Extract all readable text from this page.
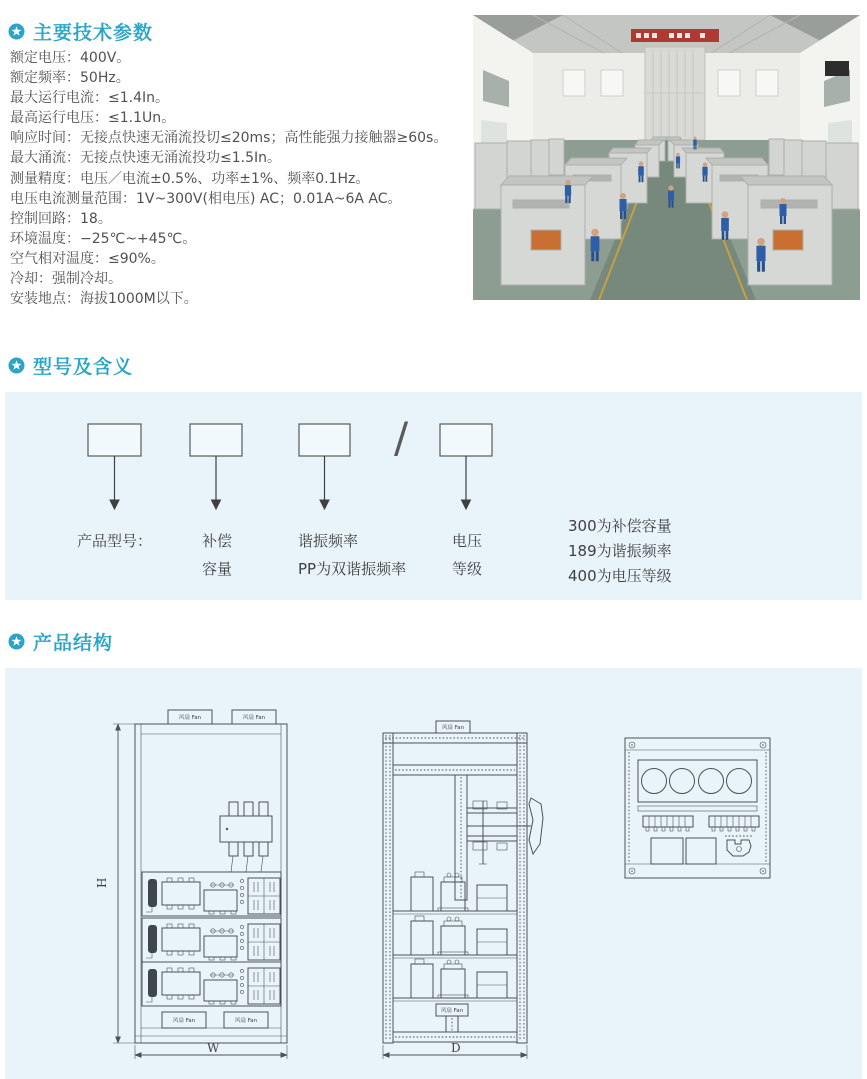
主要技术参数
额定电压：400V。
额定频率：50Hz。
最大运行电流：≤1.4In。
最高运行电压：≤1.1Un。
响应时间：无接点快速无涌流投切≤20ms；高性能强力接触器≥60s。
最大涌流：无接点快速无涌流投功≤1.5In。
测量精度：电压／电流±0.5%、功率±1%、频率0.1Hz。
电压电流测量范围：1V~300V(相电压) AC；0.01A~6A AC。
控制回路：18。
环境温度：−25℃~+45℃。
空气相对温度：≤90%。
冷却：强制冷却。
安装地点：海拔1000M以下。
型号及含义
/
产品型号：	补偿
容量
谐振频率
PP为双谐振频率
电压
等级
300为补偿容量
189为谐振频率
400为电压等级
产品结构
H
风扇 Fan	风扇 Fan
风扇 Fan	风扇 Fan
W
风扇 Fan
风扇 Fan
D
